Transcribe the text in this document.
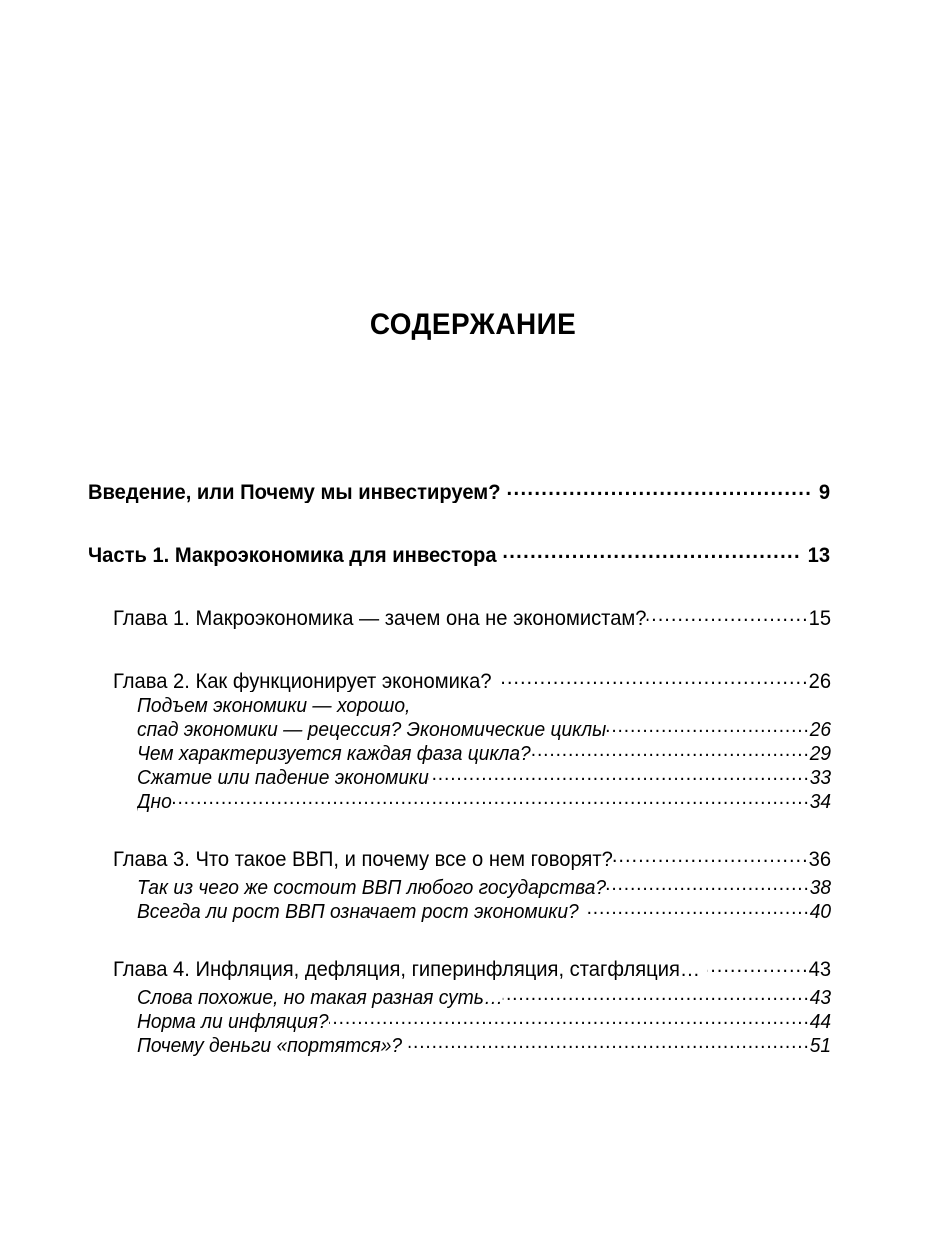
СОДЕРЖАНИЕ
Введение, или Почему мы инвестируем? .....	9
Часть 1. Макроэкономика для инвестора .....	13
Глава 1. Макроэкономика — зачем она не экономистам? .....	15
Глава 2. Как функционирует экономика? .....	26
Подъем экономики — хорошо,
спад экономики — рецессия? Экономические циклы .....	26
Чем характеризуется каждая фаза цикла? .....	29
Сжатие или падение экономики .....	33
Дно .....	34
Глава 3. Что такое ВВП, и почему все о нем говорят? .....	36
Так из чего же состоит ВВП любого государства? .....	38
Всегда ли рост ВВП означает рост экономики? .....	40
Глава 4. Инфляция, дефляция, гиперинфляция, стагфляция… .....	43
Слова похожие, но такая разная суть… .....	43
Норма ли инфляция? .....	44
Почему деньги «портятся»? .....	51
